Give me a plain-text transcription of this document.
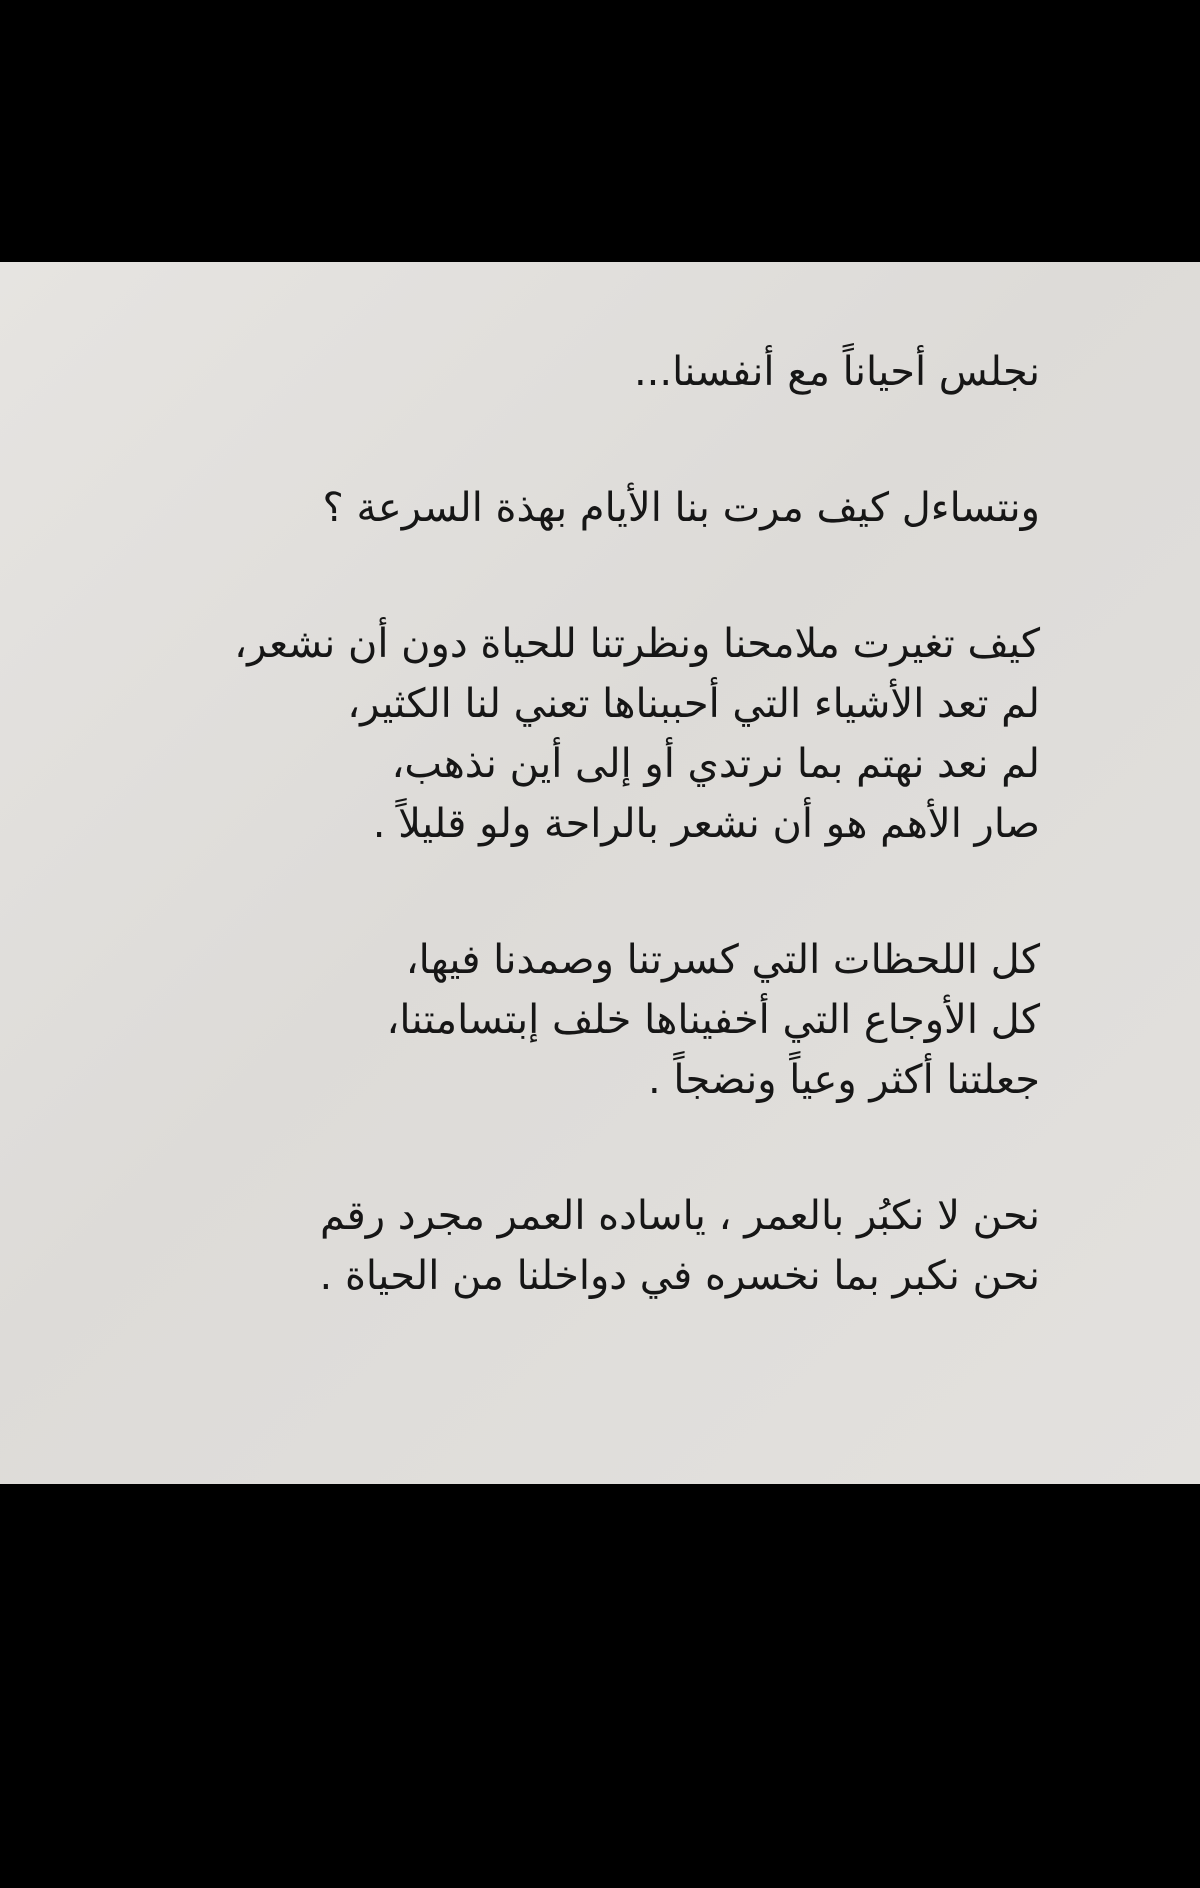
نجلس أحياناً مع أنفسنا...
ونتساءل كيف مرت بنا الأيام بهذة السرعة ؟
كيف تغيرت ملامحنا ونظرتنا للحياة دون أن نشعر،
لم تعد الأشياء التي أحببناها تعني لنا الكثير،
لم نعد نهتم بما نرتدي أو إلى أين نذهب،
صار الأهم هو أن نشعر بالراحة ولو قليلاً .
كل اللحظات التي كسرتنا وصمدنا فيها،
كل الأوجاع التي أخفيناها خلف إبتسامتنا،
جعلتنا أكثر وعياً ونضجاً .
نحن لا نكبُر بالعمر ، ياساده العمر مجرد رقم
نحن نكبر بما نخسره في دواخلنا من الحياة .
